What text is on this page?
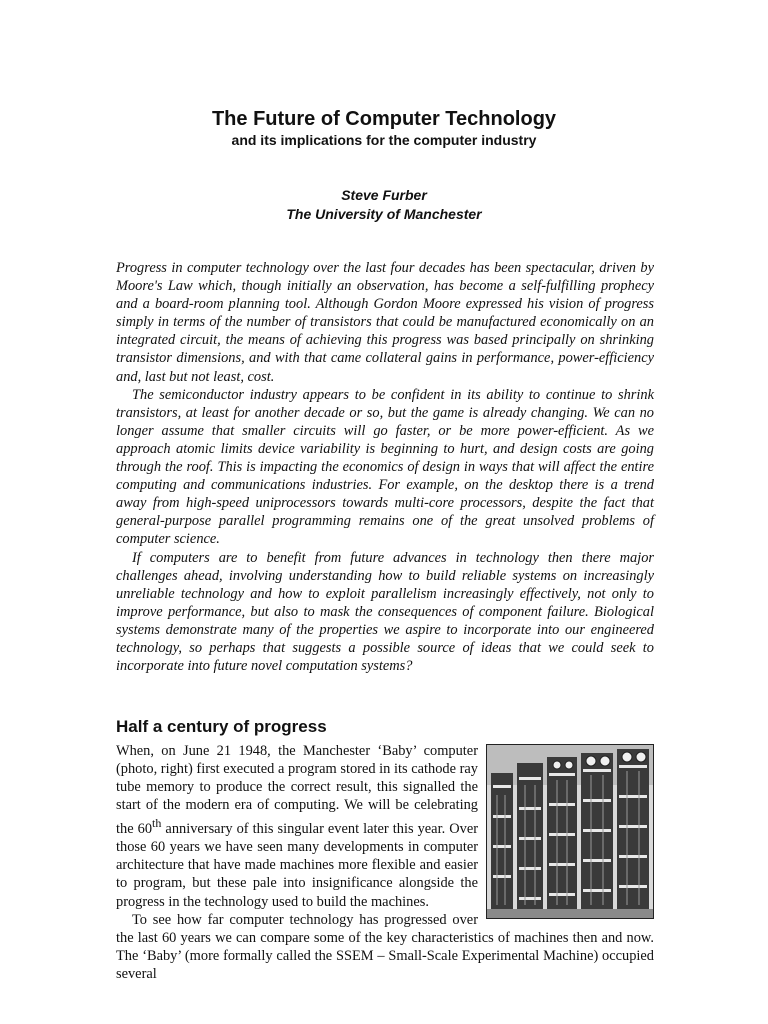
The Future of Computer Technology
and its implications for the computer industry
Steve Furber
The University of Manchester

Progress in computer technology over the last four decades has been spectacular, driven by Moore's Law which, though initially an observation, has become a self-fulfilling prophecy and a board-room planning tool. Although Gordon Moore expressed his vision of progress simply in terms of the number of transistors that could be manufactured economically on an integrated circuit, the means of achieving this progress was based principally on shrinking transistor dimensions, and with that came collateral gains in performance, power-efficiency and, last but not least, cost.

The semiconductor industry appears to be confident in its ability to continue to shrink transistors, at least for another decade or so, but the game is already changing. We can no longer assume that smaller circuits will go faster, or be more power-efficient. As we approach atomic limits device variability is beginning to hurt, and design costs are going through the roof. This is impacting the economics of design in ways that will affect the entire computing and communications industries. For example, on the desktop there is a trend away from high-speed uniprocessors towards multi-core processors, despite the fact that general-purpose parallel programming remains one of the great unsolved problems of computer science.

If computers are to benefit from future advances in technology then there major challenges ahead, involving understanding how to build reliable systems on increasingly unreliable technology and how to exploit parallelism increasingly effectively, not only to improve performance, but also to mask the consequences of component failure. Biological systems demonstrate many of the properties we aspire to incorporate into our engineered technology, so perhaps that suggests a possible source of ideas that we could seek to incorporate into future novel computation systems?

Half a century of progress

When, on June 21 1948, the Manchester ‘Baby’ computer (photo, right) first executed a program stored in its cathode ray tube memory to produce the correct result, this signalled the start of the modern era of computing. We will be celebrating the 60th anniversary of this singular event later this year. Over those 60 years we have seen many developments in computer architecture that have made machines more flexible and easier to program, but these pale into insignificance alongside the progress in the technology used to build the machines.

To see how far computer technology has progressed over the last 60 years we can compare some of the key characteristics of machines then and now. The ‘Baby’ (more formally called the SSEM – Small-Scale Experimental Machine) occupied several
